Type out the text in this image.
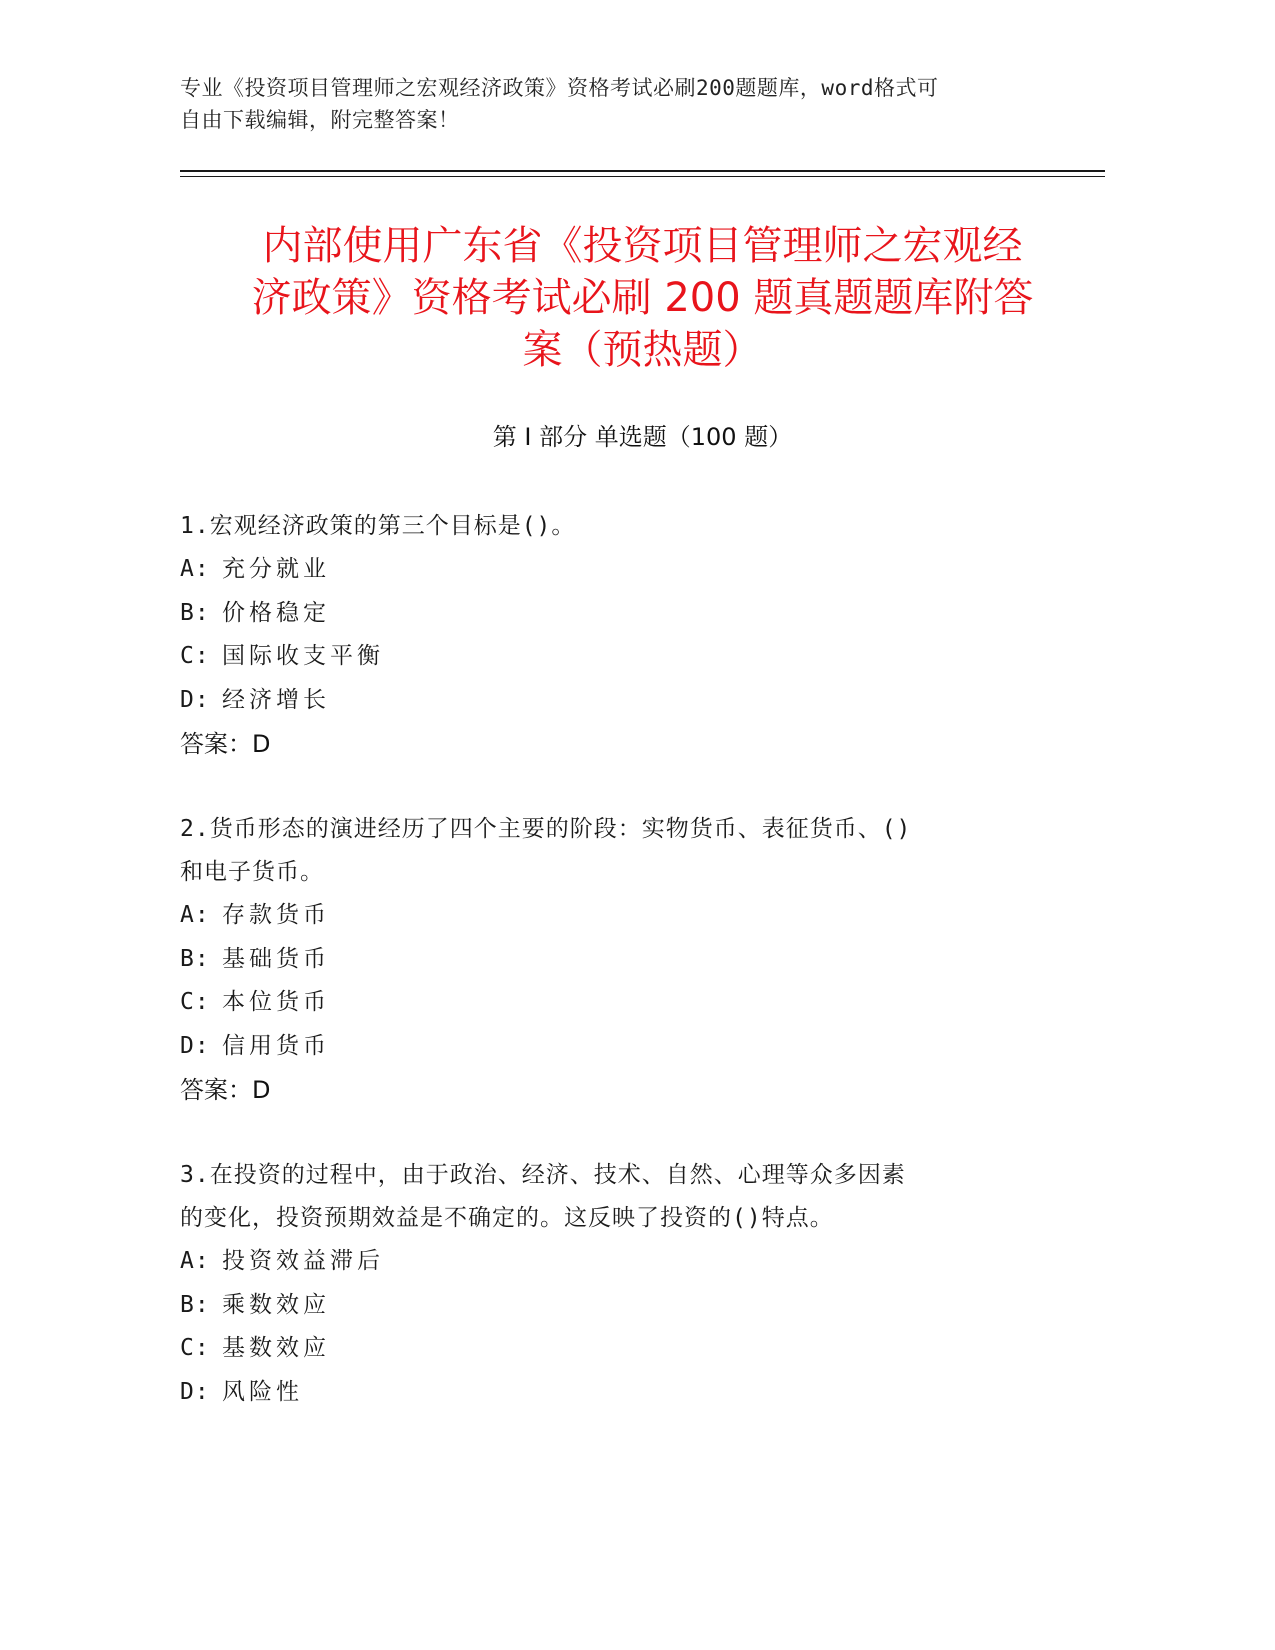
专业《投资项目管理师之宏观经济政策》资格考试必刷200题题库，word格式可
自由下载编辑，附完整答案！
内部使用广东省《投资项目管理师之宏观经
济政策》资格考试必刷 200 题真题题库附答
案（预热题）
第 I 部分 单选题（100 题）
1.宏观经济政策的第三个目标是()。
A: 充分就业
B: 价格稳定
C: 国际收支平衡
D: 经济增长
答案：D
2.货币形态的演进经历了四个主要的阶段：实物货币、表征货币、()
和电子货币。
A: 存款货币
B: 基础货币
C: 本位货币
D: 信用货币
答案：D
3.在投资的过程中，由于政治、经济、技术、自然、心理等众多因素
的变化，投资预期效益是不确定的。这反映了投资的()特点。
A: 投资效益滞后
B: 乘数效应
C: 基数效应
D: 风险性
